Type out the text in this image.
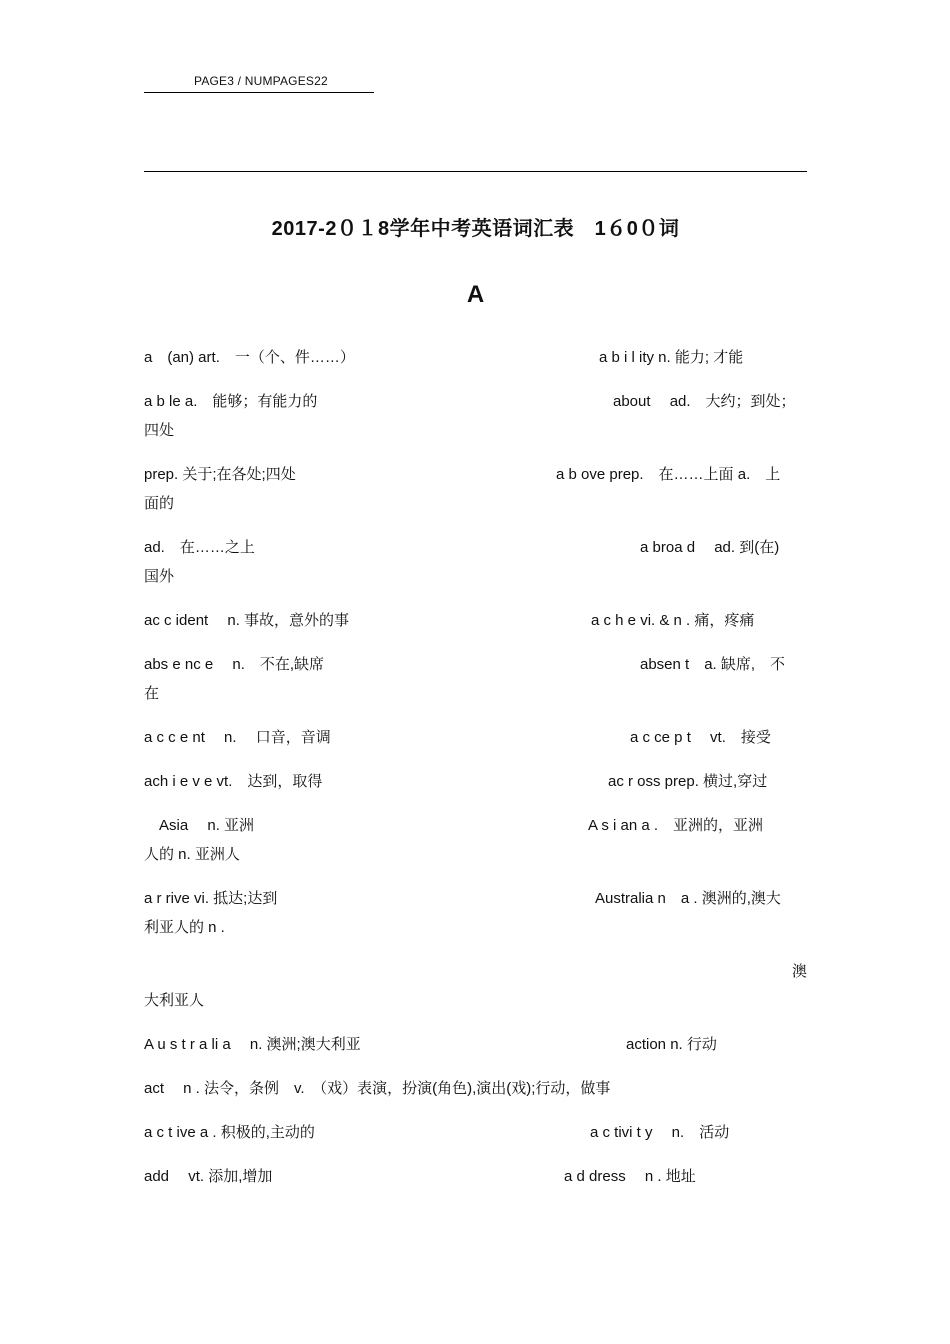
PAGE3 / NUMPAGES22
2017-2０１8学年中考英语词汇表　1６0０词
A
a　(an) art.　一（个、件……）	a b i l ity n. 能力; 才能
a b le a.　能够；有能力的	about　 ad.　大约；到处；
四处
prep. 关于;在各处;四处	a b ove prep.　在……上面 a.　上
面的
ad.　在……之上	a broa d　 ad. 到(在)
国外
ac c ident　 n. 事故，意外的事	a c h e vi. & n . 痛，疼痛
abs e nc e　 n.　不在,缺席	absen t　a. 缺席,　不
在
a c c e nt　 n.　 口音，音调	a c ce p t　 vt.　接受
ach i e v e vt.　达到，取得	ac r oss prep. 横过,穿过
　Asia　 n. 亚洲	A s i an a .　亚洲的，亚洲
人的 n. 亚洲人
a r rive vi. 抵达;达到	Australia n　a . 澳洲的,澳大
利亚人的 n .
澳
大利亚人
A u s t r a li a　 n. 澳洲;澳大利亚	action n. 行动
act　 n . 法令，条例　v.　（戏）表演，扮演(角色),演出(戏);行动，做事
a c t ive a . 积极的,主动的	a c tivi t y　 n.　活动
add　 vt. 添加,增加	a d dress　 n . 地址
